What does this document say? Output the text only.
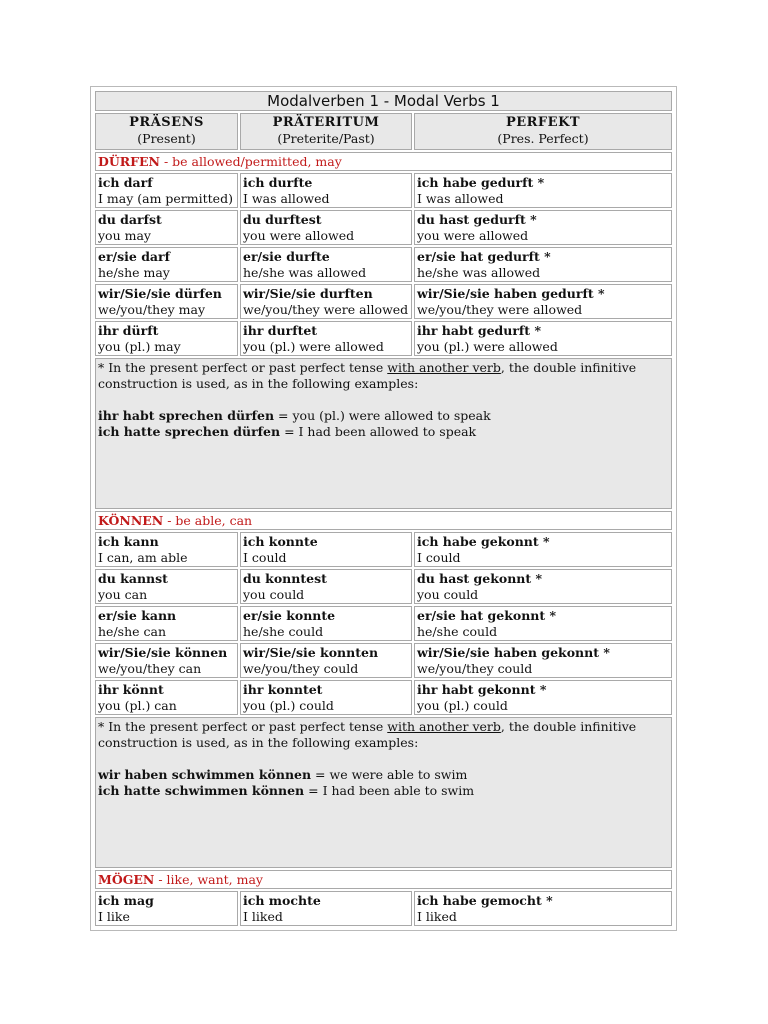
Modalverben 1 - Modal Verbs 1		

PRÄSENS
(Present)	PRÄTERITUM
(Preterite/Past)	PERFEKT
(Pres. Perfect)

DÜRFEN - be allowed/permitted, may		

ich darf
I may (am permitted)	ich durfte
I was allowed	ich habe gedurft *
I was allowed

du darfst
you may	du durftest
you were allowed	du hast gedurft *
you were allowed

er/sie darf
he/she may	er/sie durfte
he/she was allowed	er/sie hat gedurft *
he/she was allowed

wir/Sie/sie dürfen
we/you/they may	wir/Sie/sie durften
we/you/they were allowed	wir/Sie/sie haben gedurft *
we/you/they were allowed

ihr dürft
you (pl.) may	ihr durftet
you (pl.) were allowed	ihr habt gedurft *
you (pl.) were allowed

* In the present perfect or past perfect tense with another verb, the double infinitive construction is used, as in the following examples:

ihr habt sprechen dürfen = you (pl.) were allowed to speak
ich hatte sprechen dürfen = I had been allowed to speak		

KÖNNEN - be able, can		

ich kann
I can, am able	ich konnte
I could	ich habe gekonnt *
I could

du kannst
you can	du konntest
you could	du hast gekonnt *
you could

er/sie kann
he/she can	er/sie konnte
he/she could	er/sie hat gekonnt *
he/she could

wir/Sie/sie können
we/you/they can	wir/Sie/sie konnten
we/you/they could	wir/Sie/sie haben gekonnt *
we/you/they could

ihr könnt
you (pl.) can	ihr konntet
you (pl.) could	ihr habt gekonnt *
you (pl.) could

* In the present perfect or past perfect tense with another verb, the double infinitive construction is used, as in the following examples:

wir haben schwimmen können = we were able to swim
ich hatte schwimmen können = I had been able to swim		

MÖGEN - like, want, may		

ich mag
I like	ich mochte
I liked	ich habe gemocht *
I liked
